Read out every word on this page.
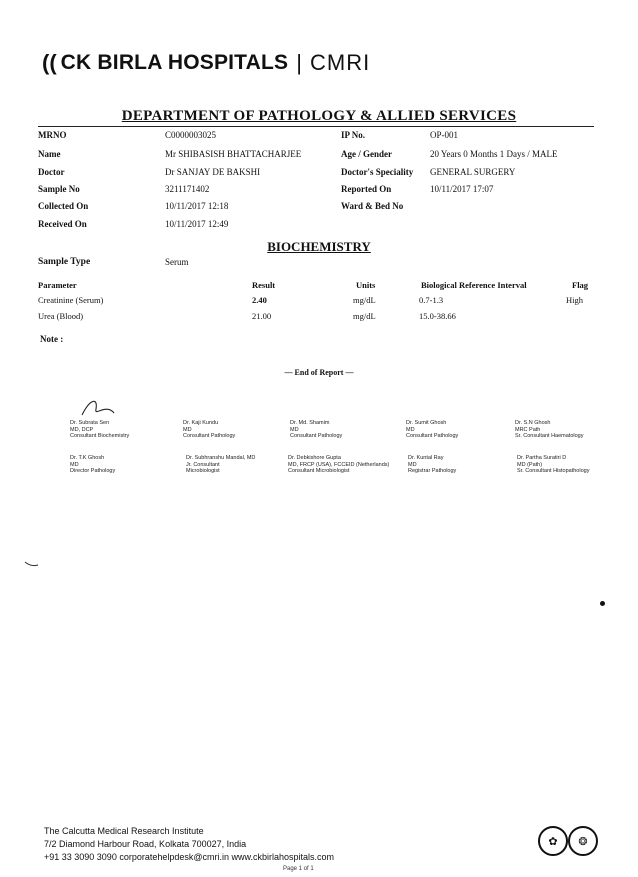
(( CK BIRLA HOSPITALS | CMRI
DEPARTMENT OF PATHOLOGY & ALLIED SERVICES
MRNO	C0000003025	IP No.	OP-001
Name	Mr SHIBASISH BHATTACHARJEE	Age / Gender	20 Years 0 Months 1 Days / MALE
Doctor	Dr SANJAY DE BAKSHI	Doctor's Speciality GENERAL SURGERY
Sample No	3211171402	Reported On	10/11/2017 17:07
Collected On	10/11/2017 12:18	Ward & Bed No
Received On	10/11/2017 12:49
BIOCHEMISTRY
Sample Type	Serum
Parameter	Result	Units	Biological Reference Interval	Flag
Creatinine (Serum)	2.40	mg/dL	0.7-1.3	High
Urea (Blood)	21.00	mg/dL	15.0-38.66
Note :
— End of Report —
Dr. Subrata Sen
MD, DCP
Consultant Biochemistry
Dr. Kaji Kundu
MD
Consultant Pathology
Dr. Md. Shamim
MD
Consultant Pathology
Dr. Sumit Ghosh
MD
Consultant Pathology
Dr. S.N Ghosh
MRC Path
Sr. Consultant Haematology
Dr. T.K Ghosh
MD
Director Pathology
Dr. Subhranshu Mandal, MD
Jr. Consultant
Microbiologist
Dr. Debkishore Gupta
MD, FRCP (USA), FCCEID (Netherlands)
Consultant Microbiologist
Dr. Kuntal Ray
MD
Registrar Pathology
Dr. Partha Suratiri D
MD (Path)
Sr. Consultant Histopathology
The Calcutta Medical Research Institute
7/2 Diamond Harbour Road, Kolkata 700027, India
+91 33 3090 3090 corporatehelpdesk@cmri.in www.ckbirlahospitals.com
Page 1 of 1
✿	❂
